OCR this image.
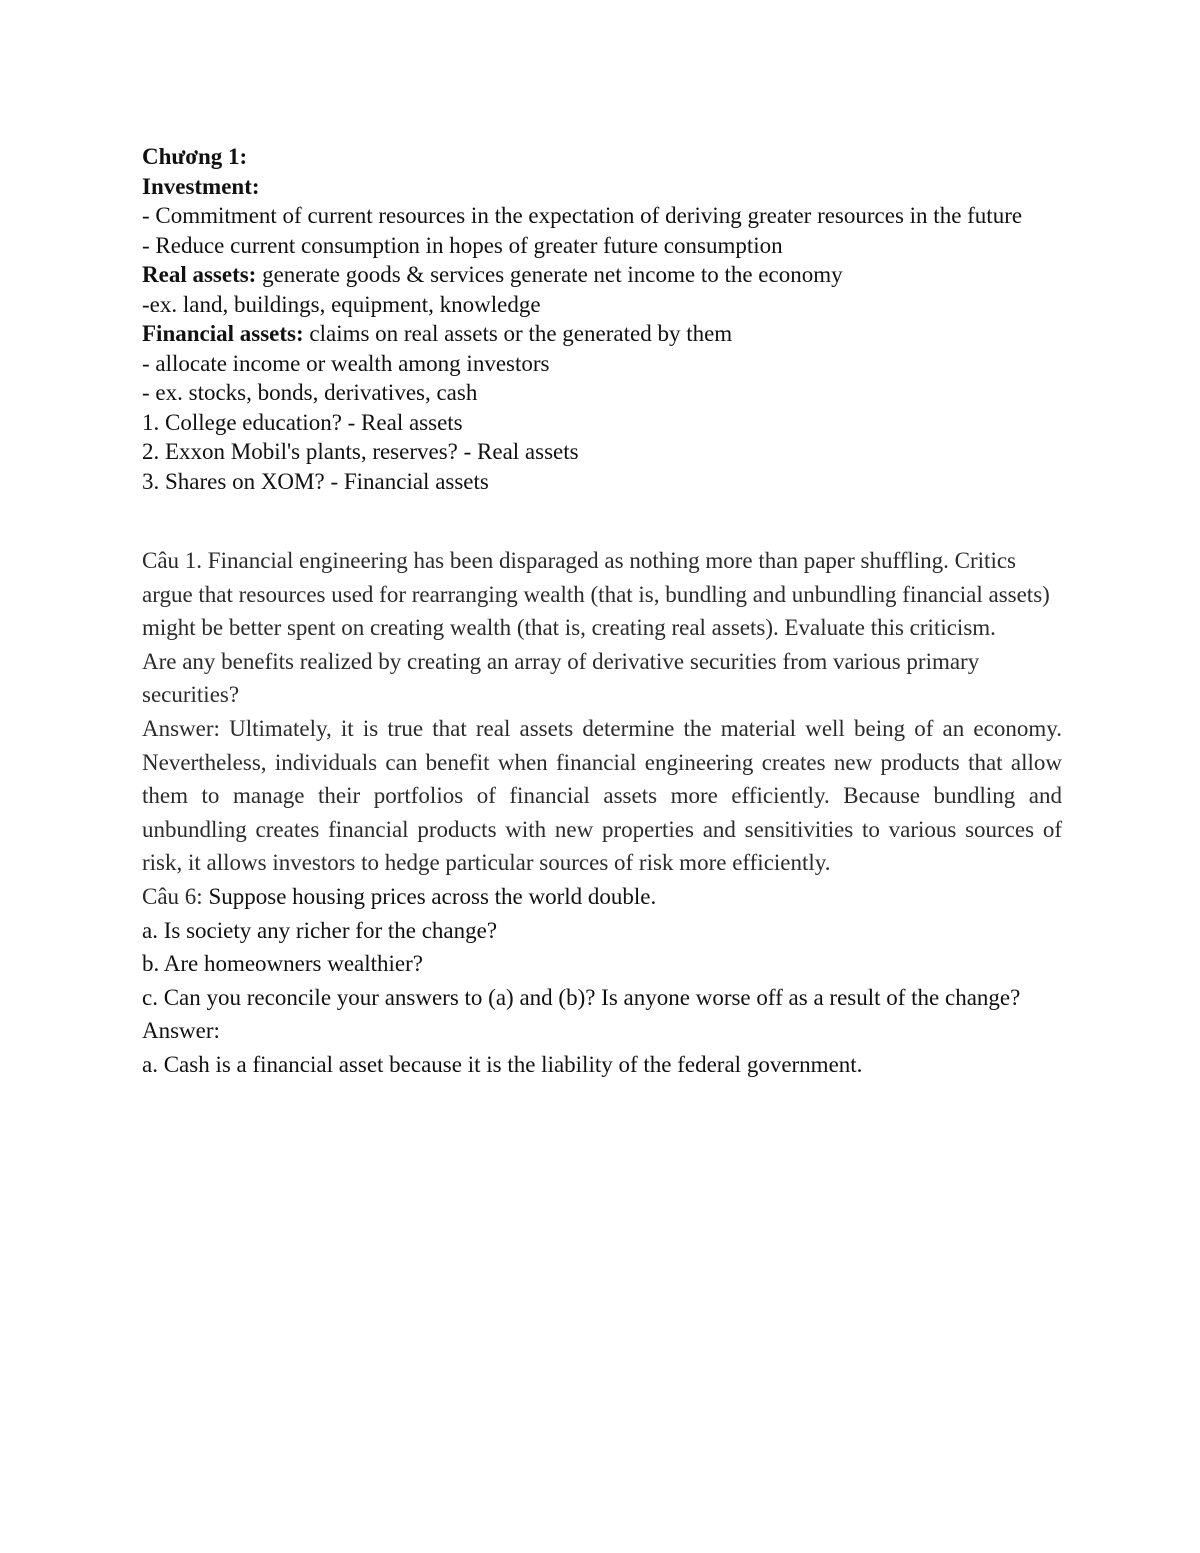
Chương 1:

Investment:

- Commitment of current resources in the expectation of deriving greater resources in the future

- Reduce current consumption in hopes of greater future consumption

Real assets: generate goods & services generate net income to the economy

-ex. land, buildings, equipment, knowledge

Financial assets: claims on real assets or the generated by them

- allocate income or wealth among investors

- ex. stocks, bonds, derivatives, cash

1. College education? - Real assets

2. Exxon Mobil's plants, reserves? - Real assets

3. Shares on XOM? - Financial assets

Câu 1. Financial engineering has been disparaged as nothing more than paper shuffling. Critics argue that resources used for rearranging wealth (that is, bundling and unbundling financial assets) might be better spent on creating wealth (that is, creating real assets). Evaluate this criticism.

Are any benefits realized by creating an array of derivative securities from various primary securities?

Answer: Ultimately, it is true that real assets determine the material well being of an economy. Nevertheless, individuals can benefit when financial engineering creates new products that allow them to manage their portfolios of financial assets more efficiently. Because bundling and unbundling creates financial products with new properties and sensitivities to various sources of risk, it allows investors to hedge particular sources of risk more efficiently.

Câu 6: Suppose housing prices across the world double.

a. Is society any richer for the change?

b. Are homeowners wealthier?

c. Can you reconcile your answers to (a) and (b)? Is anyone worse off as a result of the change?

Answer:

a. Cash is a financial asset because it is the liability of the federal government.
